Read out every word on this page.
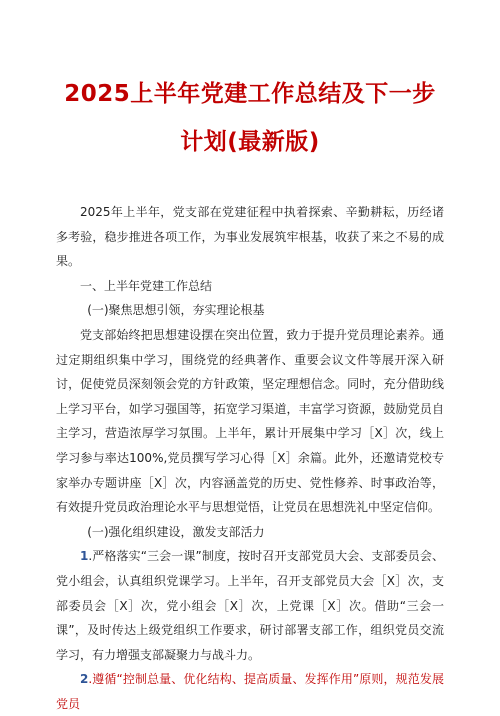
2025上半年党建工作总结及下一步
计划(最新版)

2025年上半年，党支部在党建征程中执着探索、辛勤耕耘，历经诸多考验，稳步推进各项工作，为事业发展筑牢根基，收获了来之不易的成果。

一、上半年党建工作总结

(一)聚焦思想引领，夯实理论根基

党支部始终把思想建设摆在突出位置，致力于提升党员理论素养。通过定期组织集中学习，围绕党的经典著作、重要会议文件等展开深入研讨，促使党员深刻领会党的方针政策，坚定理想信念。同时，充分借助线上学习平台，如学习强国等，拓宽学习渠道，丰富学习资源，鼓励党员自主学习，营造浓厚学习氛围。上半年，累计开展集中学习［X］次，线上学习参与率达100%,党员撰写学习心得［X］余篇。此外，还邀请党校专家举办专题讲座［X］次，内容涵盖党的历史、党性修养、时事政治等，有效提升党员政治理论水平与思想觉悟，让党员在思想洗礼中坚定信仰。

(一)强化组织建设，激发支部活力

1.严格落实“三会一课”制度，按时召开支部党员大会、支部委员会、党小组会，认真组织党课学习。上半年，召开支部党员大会［X］次，支部委员会［X］次，党小组会［X］次，上党课［X］次。借助“三会一课”，及时传达上级党组织工作要求，研讨部署支部工作，组织党员交流学习，有力增强支部凝聚力与战斗力。

2.遵循“控制总量、优化结构、提高质量、发挥作用”原则，规范发展党员
